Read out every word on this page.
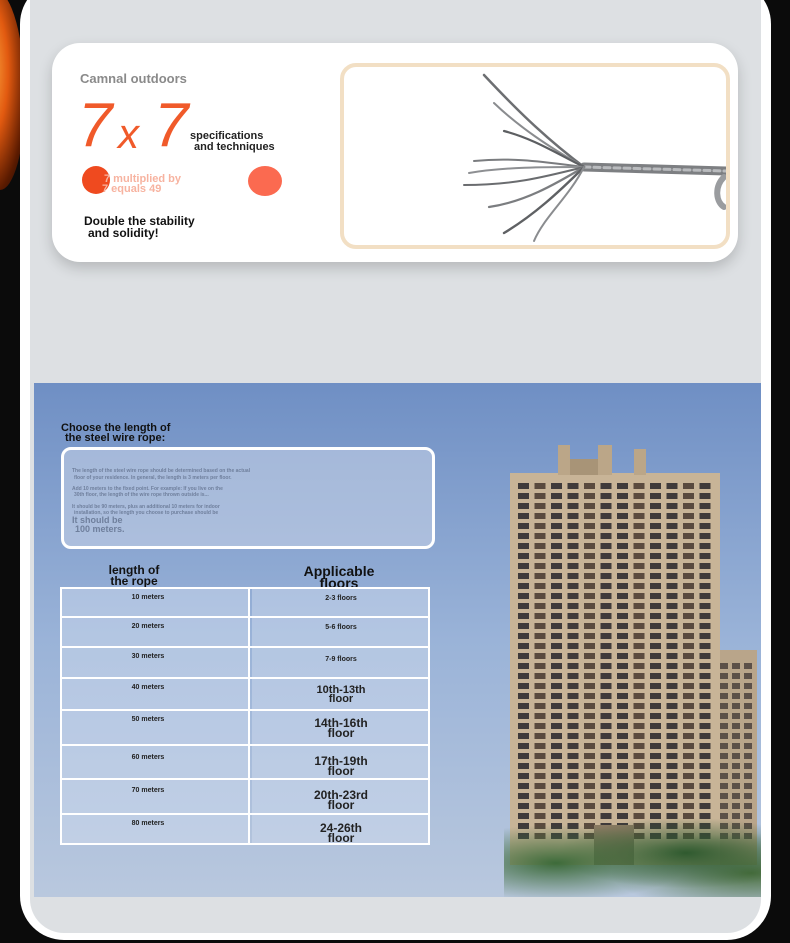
Camnal outdoors
7 x 7 specifications
and techniques
7 multiplied by
7 equals 49
Double the stability
and solidity!
Choose the length of
the steel wire rope:
The length of the steel wire rope should be determined based on the actual
floor of your residence. In general, the length is 3 meters per floor.
Add 10 meters to the fixed point. For example: If you live on the
30th floor, the length of the wire rope thrown outside is...
It should be 90 meters, plus an additional 10 meters for indoor
installation, so the length you choose to purchase should be
It should be
100 meters.
length of
the rope
Applicable
floors
10 meters	2-3 floors
20 meters	5-6 floors
30 meters	7-9 floors
40 meters	10th-13th
floor
50 meters	14th-16th
floor
60 meters	17th-19th
floor
70 meters	20th-23rd
floor
80 meters	24-26th
floor
